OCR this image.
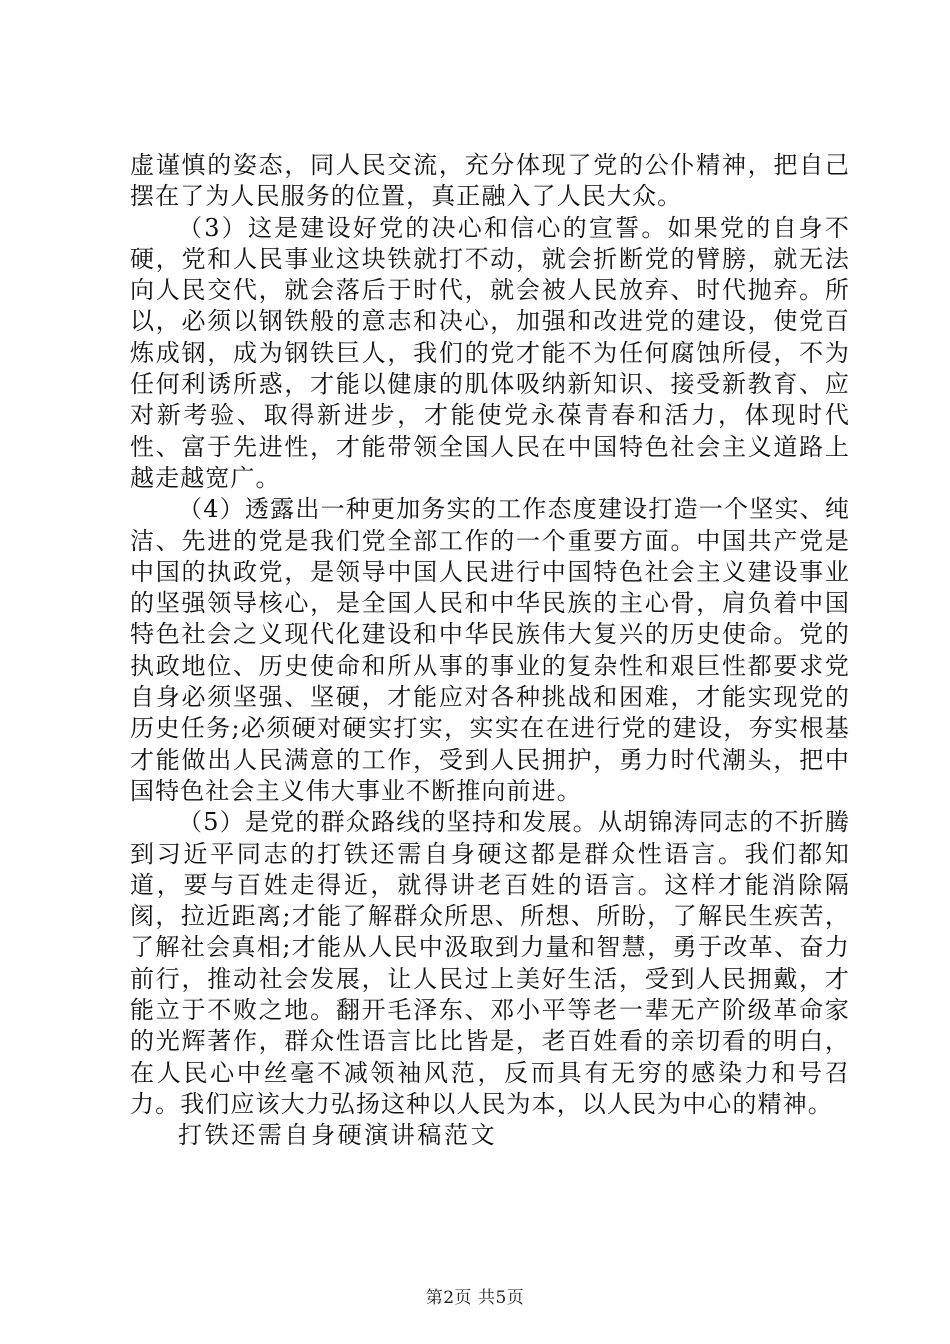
虚谨慎的姿态，同人民交流，充分体现了党的公仆精神，把自己摆在了为人民服务的位置，真正融入了人民大众。

（3）这是建设好党的决心和信心的宣誓。如果党的自身不硬，党和人民事业这块铁就打不动，就会折断党的臂膀，就无法向人民交代，就会落后于时代，就会被人民放弃、时代抛弃。所以，必须以钢铁般的意志和决心，加强和改进党的建设，使党百炼成钢，成为钢铁巨人，我们的党才能不为任何腐蚀所侵，不为任何利诱所惑，才能以健康的肌体吸纳新知识、接受新教育、应对新考验、取得新进步，才能使党永葆青春和活力，体现时代性、富于先进性，才能带领全国人民在中国特色社会主义道路上越走越宽广。

（4）透露出一种更加务实的工作态度建设打造一个坚实、纯洁、先进的党是我们党全部工作的一个重要方面。中国共产党是中国的执政党，是领导中国人民进行中国特色社会主义建设事业的坚强领导核心，是全国人民和中华民族的主心骨，肩负着中国特色社会之义现代化建设和中华民族伟大复兴的历史使命。党的执政地位、历史使命和所从事的事业的复杂性和艰巨性都要求党自身必须坚强、坚硬，才能应对各种挑战和困难，才能实现党的历史任务;必须硬对硬实打实，实实在在进行党的建设，夯实根基才能做出人民满意的工作，受到人民拥护，勇力时代潮头，把中国特色社会主义伟大事业不断推向前进。

（5）是党的群众路线的坚持和发展。从胡锦涛同志的不折腾到习近平同志的打铁还需自身硬这都是群众性语言。我们都知道，要与百姓走得近，就得讲老百姓的语言。这样才能消除隔阂，拉近距离;才能了解群众所思、所想、所盼，了解民生疾苦，了解社会真相;才能从人民中汲取到力量和智慧，勇于改革、奋力前行，推动社会发展，让人民过上美好生活，受到人民拥戴，才能立于不败之地。翻开毛泽东、邓小平等老一辈无产阶级革命家的光辉著作，群众性语言比比皆是，老百姓看的亲切看的明白，在人民心中丝毫不减领袖风范，反而具有无穷的感染力和号召力。我们应该大力弘扬这种以人民为本，以人民为中心的精神。

打铁还需自身硬演讲稿范文

第2页 共5页
